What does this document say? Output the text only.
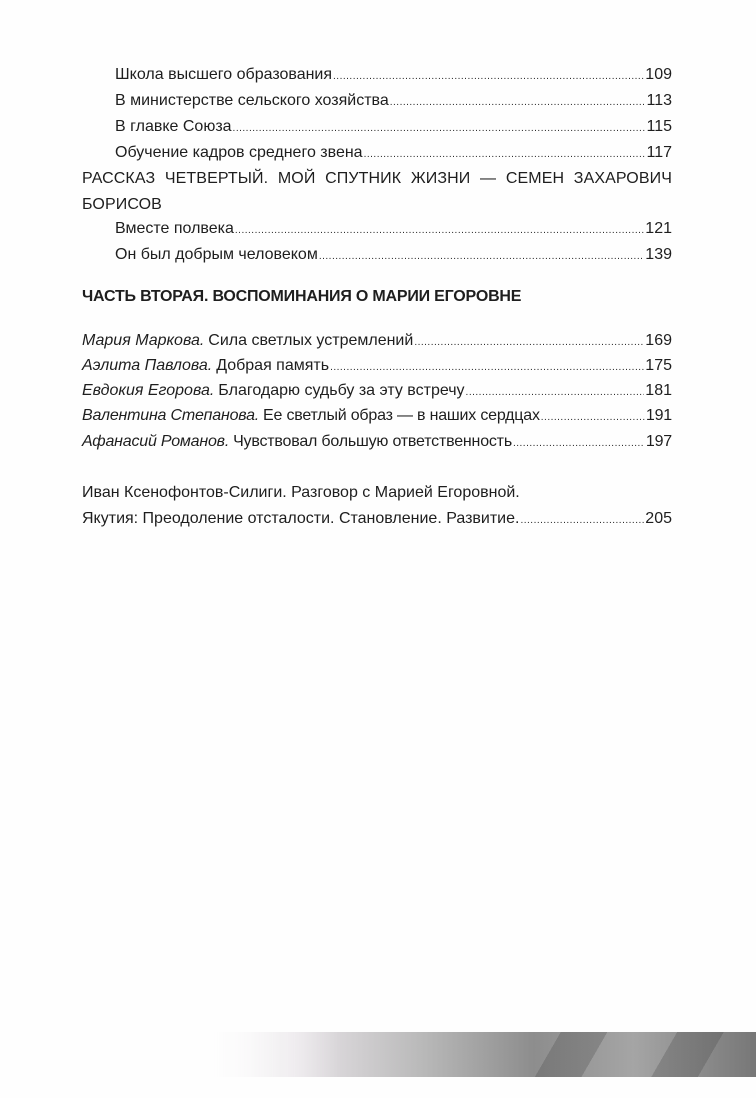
Школа высшего образования .....	109
В министерстве сельского хозяйства .....	113
В главке Союза .....	115
Обучение кадров среднего звена .....	117
РАССКАЗ ЧЕТВЕРТЫЙ. МОЙ СПУТНИК ЖИЗНИ — СЕМЕН ЗАХАРОВИЧ БОРИСОВ
Вместе полвека .....	121
Он был добрым человеком .....	139
ЧАСТЬ ВТОРАЯ. ВОСПОМИНАНИЯ О МАРИИ ЕГОРОВНЕ
Мария Маркова. Сила светлых устремлений .....	169
Аэлита Павлова. Добрая память .....	175
Евдокия Егорова. Благодарю судьбу за эту встречу .....	181
Валентина Степанова. Ее светлый образ — в наших сердцах .....	191
Афанасий Романов. Чувствовал большую ответственность .....	197
Иван Ксенофонтов-Силиги. Разговор с Марией Егоровной.
Якутия: Преодоление отсталости. Становление. Развитие. .....	205
